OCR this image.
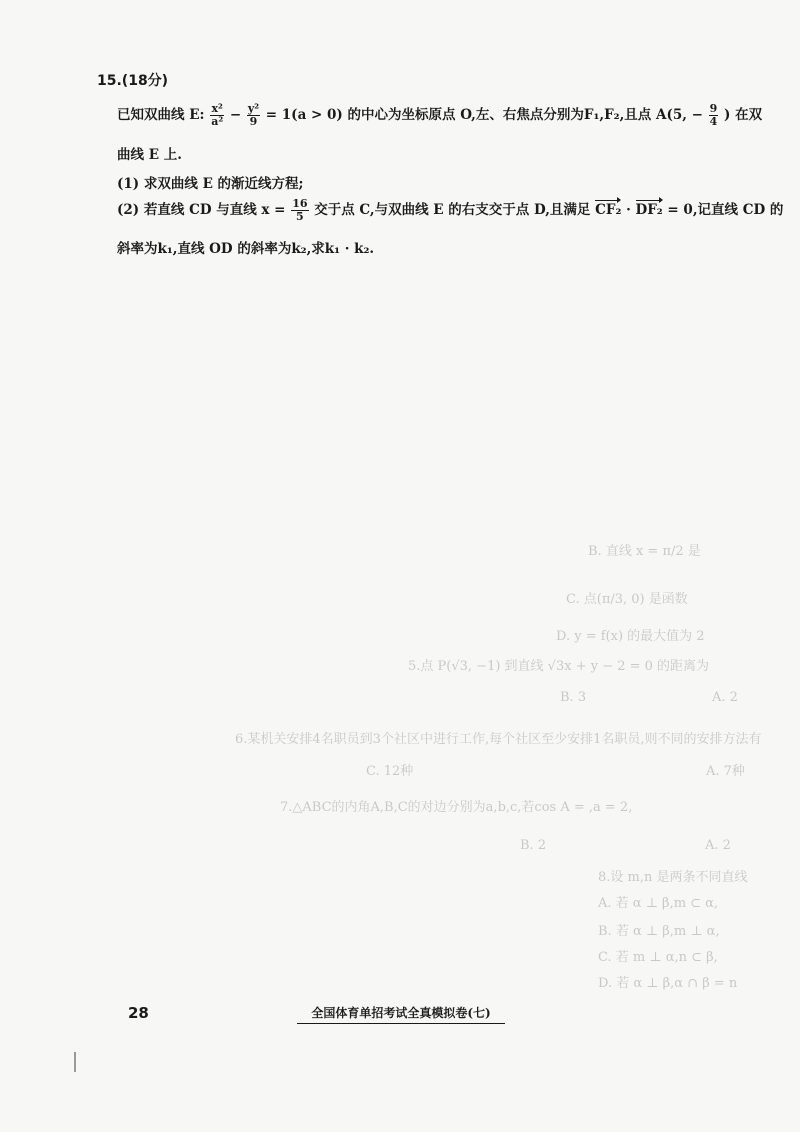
15.(18分)
已知双曲线 E: $\frac{\text{x²}}{\text{a²}} - \frac{\text{y²}}{9} = 1(a > 0)$ 的中心为坐标原点 O,左、右焦点分别为F₁,F₂,且点 A(5, − $\frac{9}{4}$ ) 在双
曲线 E 上.
(1) 求双曲线 E 的渐近线方程;
(2) 若直线 CD 与直线 $x = \frac{16}{5}$ 交于点 C,与双曲线 E 的右支交于点 D,且满足 CF₂ · DF₂ = 0,记直线 CD 的
斜率为k₁,直线 OD 的斜率为k₂,求k₁ · k₂.
B. 直线 x = π/2 是
C. 点(π/3, 0) 是函数
D. y = f(x) 的最大值为 2
5.点 P(√3, −1) 到直线 √3x + y − 2 = 0 的距离为
A. 2
B. 3
6.某机关安排4名职员到3个社区中进行工作,每个社区至少安排1名职员,则不同的安排方法有
A. 7种
C. 12种
7.△ABC的内角A,B,C的对边分别为a,b,c,若cos A = ,a = 2,
A. 2
B. 2
8.设 m,n 是两条不同直线
A. 若 α ⊥ β,m ⊂ α,
B. 若 α ⊥ β,m ⊥ α,
C. 若 m ⊥ α,n ⊂ β,
D. 若 α ⊥ β,α ∩ β = n
28	全国体育单招考试全真模拟卷(七)
